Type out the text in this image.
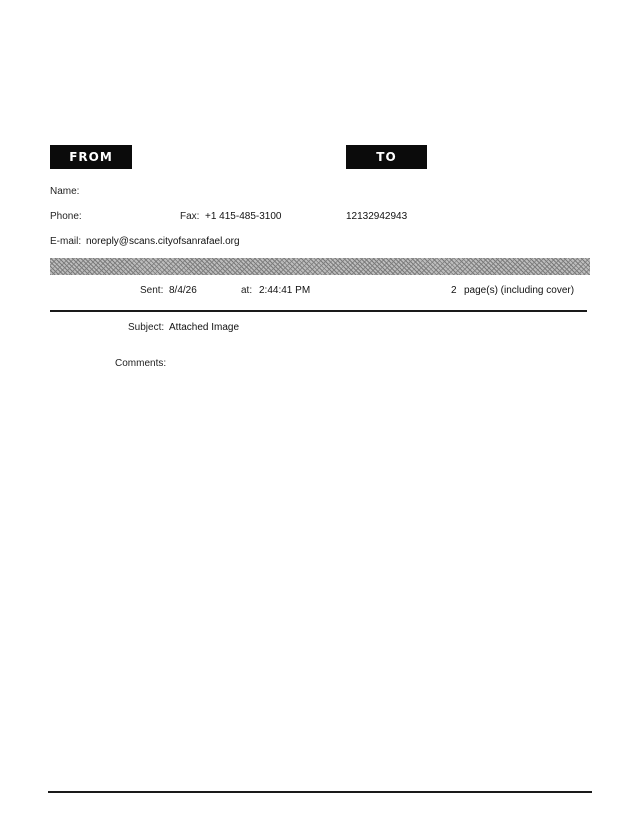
FROM	TO
Name:
Phone:	Fax: +1 415-485-3100	12132942943
E-mail: noreply@scans.cityofsanrafael.org
Sent: 8/4/26	at: 2:44:41 PM	2 page(s) (including cover)
Subject: Attached Image
Comments:
